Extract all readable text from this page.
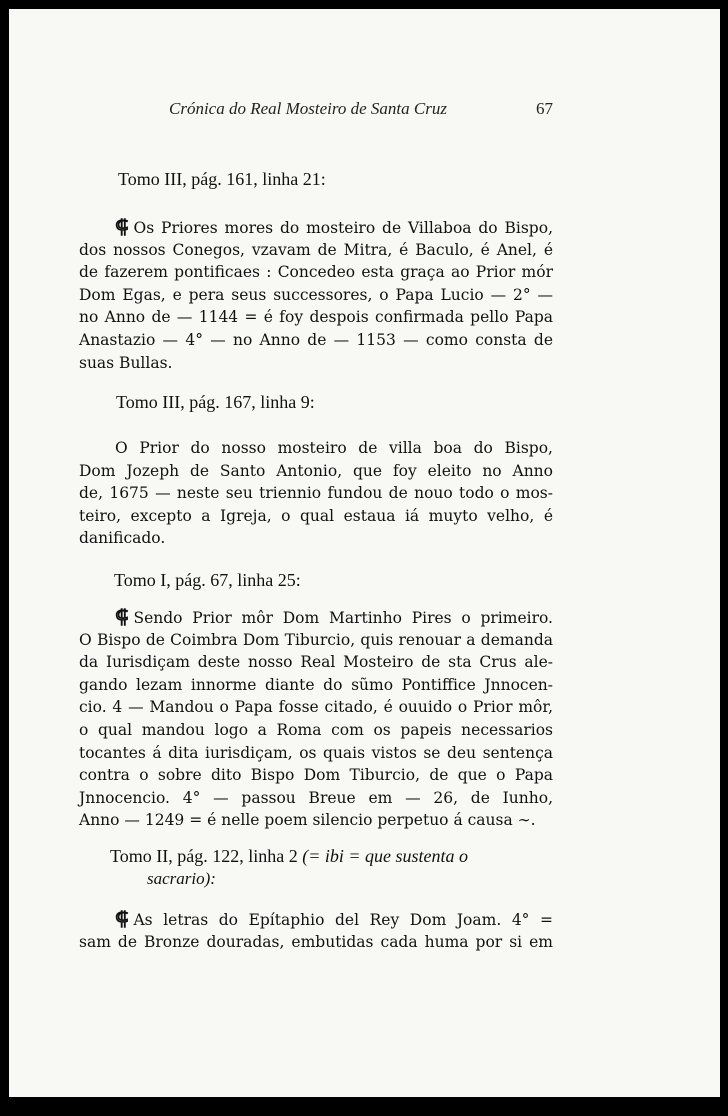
Crónica do Real Mosteiro de Santa Cruz	67
Tomo III, pág. 161, linha 21:
⸿ Os Priores mores do mosteiro de Villaboa do Bispo,
dos nossos Conegos, vzavam de Mitra, é Baculo, é Anel, é
de fazerem pontificaes : Concedeo esta graça ao Prior mór
Dom Egas, e pera seus successores, o Papa Lucio — 2° —
no Anno de — 1144 = é foy despois confirmada pello Papa
Anastazio — 4° — no Anno de — 1153 — como consta de
suas Bullas.
Tomo III, pág. 167, linha 9:
O Prior do nosso mosteiro de villa boa do Bispo,
Dom Jozeph de Santo Antonio, que foy eleito no Anno
de, 1675 — neste seu triennio fundou de nouo todo o mos-
teiro, excepto a Igreja, o qual estaua iá muyto velho, é
danificado.
Tomo I, pág. 67, linha 25:
⸿ Sendo Prior môr Dom Martinho Pires o primeiro.
O Bispo de Coimbra Dom Tiburcio, quis renouar a demanda
da Iurisdiçam deste nosso Real Mosteiro de sta Crus ale-
gando lezam innorme diante do sũmo Pontiffice Jnnocen-
cio. 4 — Mandou o Papa fosse citado, é ouuido o Prior môr,
o qual mandou logo a Roma com os papeis necessarios
tocantes á dita iurisdiçam, os quais vistos se deu sentença
contra o sobre dito Bispo Dom Tiburcio, de que o Papa
Jnnocencio. 4° — passou Breue em — 26, de Iunho,
Anno — 1249 = é nelle poem silencio perpetuo á causa ∼.
Tomo II, pág. 122, linha 2 (= ibi = que sustenta o
sacrario):
⸿ As letras do Epítaphio del Rey Dom Joam. 4° =
sam de Bronze douradas, embutidas cada huma por si em
